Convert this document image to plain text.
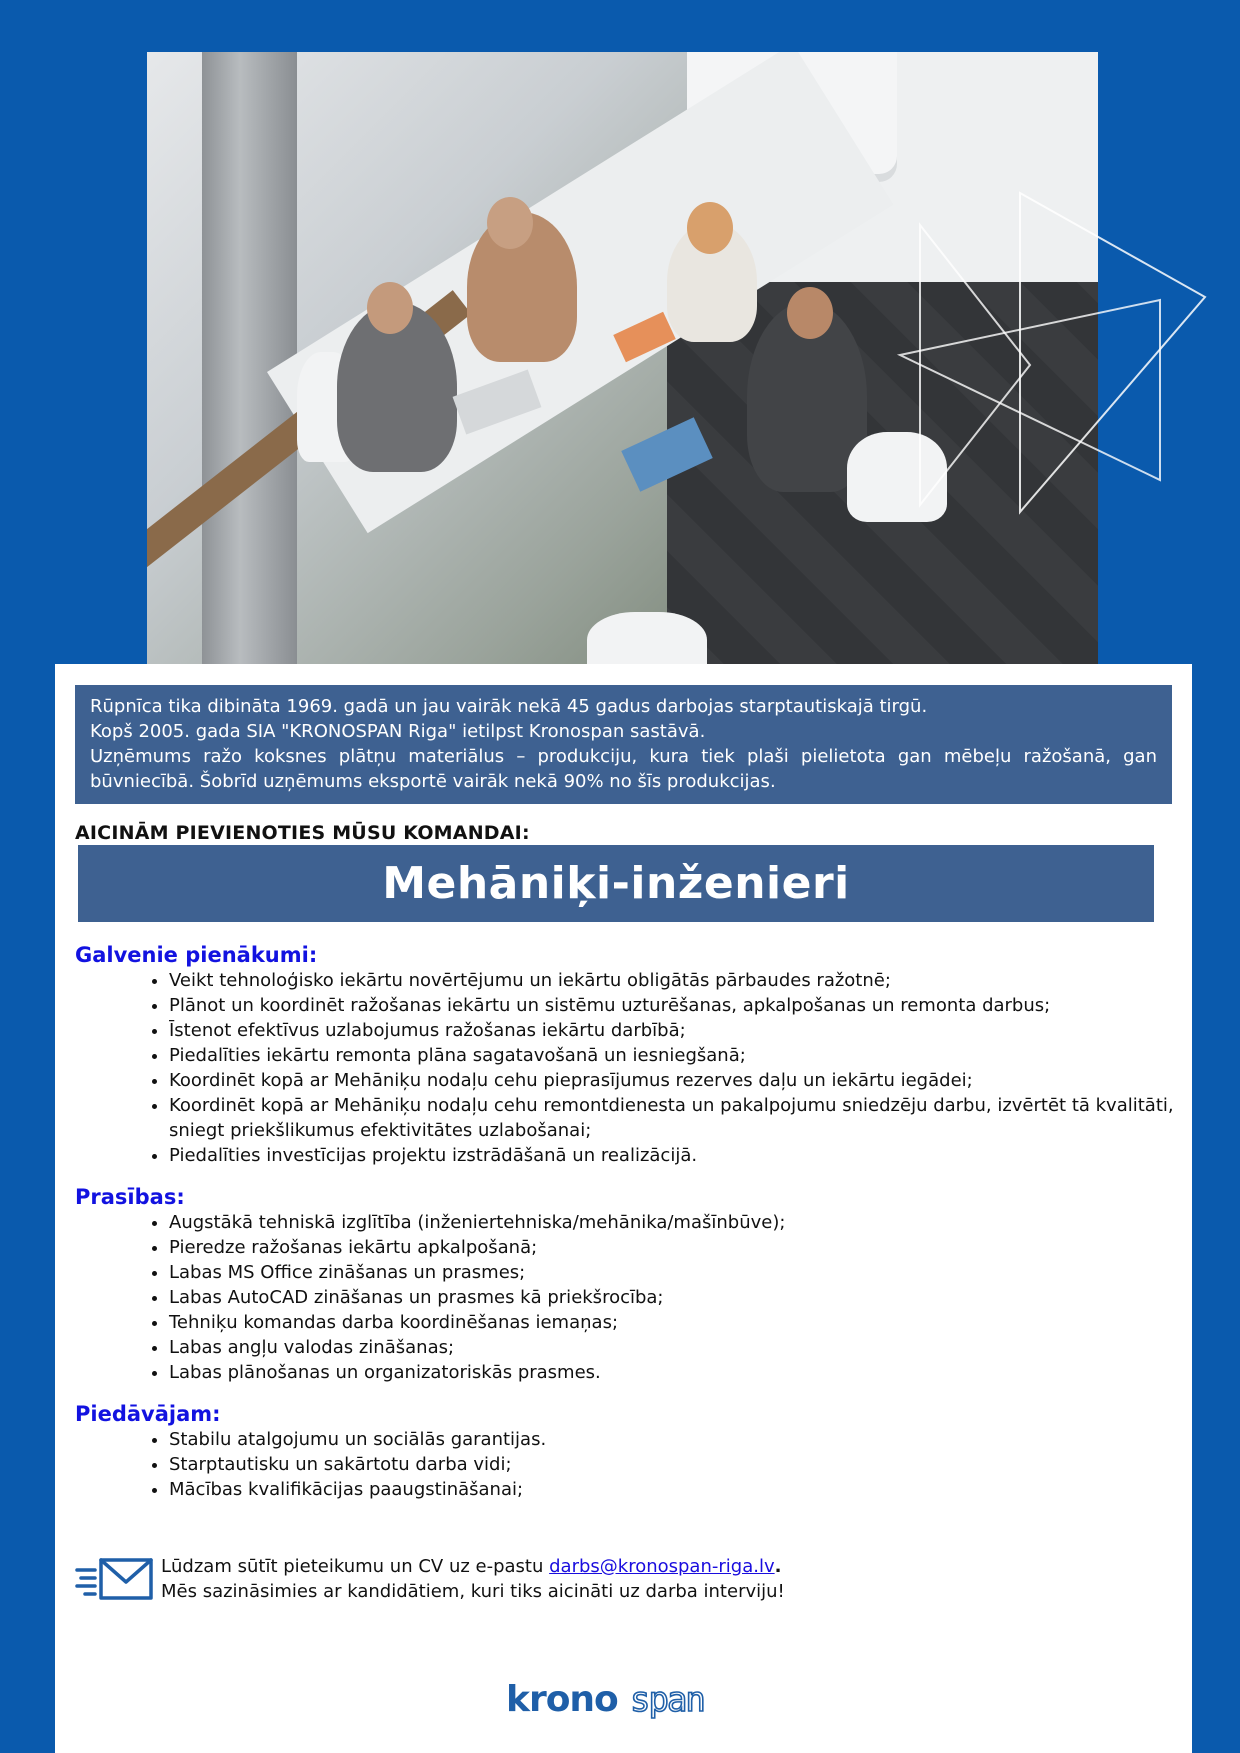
Rūpnīca tika dibināta 1969. gadā un jau vairāk nekā 45 gadus darbojas starptautiskajā tirgū.

Kopš 2005. gada SIA "KRONOSPAN Riga" ietilpst Kronospan sastāvā.

Uzņēmums ražo koksnes plātņu materiālus – produkciju, kura tiek plaši pielietota gan mēbeļu ražošanā, gan būvniecībā. Šobrīd uzņēmums eksportē vairāk nekā 90% no šīs produkcijas.

AICINĀM PIEVIENOTIES MŪSU KOMANDAI:
Mehāniķi-inženieri
Galvenie pienākumi:
• Veikt tehnoloģisko iekārtu novērtējumu un iekārtu obligātās pārbaudes ražotnē;
• Plānot un koordinēt ražošanas iekārtu un sistēmu uzturēšanas, apkalpošanas un remonta darbus;
• Īstenot efektīvus uzlabojumus ražošanas iekārtu darbībā;
• Piedalīties iekārtu remonta plāna sagatavošanā un iesniegšanā;
• Koordinēt kopā ar Mehāniķu nodaļu cehu pieprasījumus rezerves daļu un iekārtu iegādei;
• Koordinēt kopā ar Mehāniķu nodaļu cehu remontdienesta un pakalpojumu sniedzēju darbu, izvērtēt tā kvalitāti, sniegt priekšlikumus efektivitātes uzlabošanai;
• Piedalīties investīcijas projektu izstrādāšanā un realizācijā.
Prasības:
• Augstākā tehniskā izglītība (inženiertehniska/mehānika/mašīnbūve);
• Pieredze ražošanas iekārtu apkalpošanā;
• Labas MS Office zināšanas un prasmes;
• Labas AutoCAD zināšanas un prasmes kā priekšrocība;
• Tehniķu komandas darba koordinēšanas iemaņas;
• Labas angļu valodas zināšanas;
• Labas plānošanas un organizatoriskās prasmes.
Piedāvājam:
• Stabilu atalgojumu un sociālās garantijas.
• Starptautisku un sakārtotu darba vidi;
• Mācības kvalifikācijas paaugstināšanai;
Lūdzam sūtīt pieteikumu un CV uz e-pastu darbs@kronospan-riga.lv.
Mēs sazināsimies ar kandidātiem, kuri tiks aicināti uz darba interviju!
krono span
